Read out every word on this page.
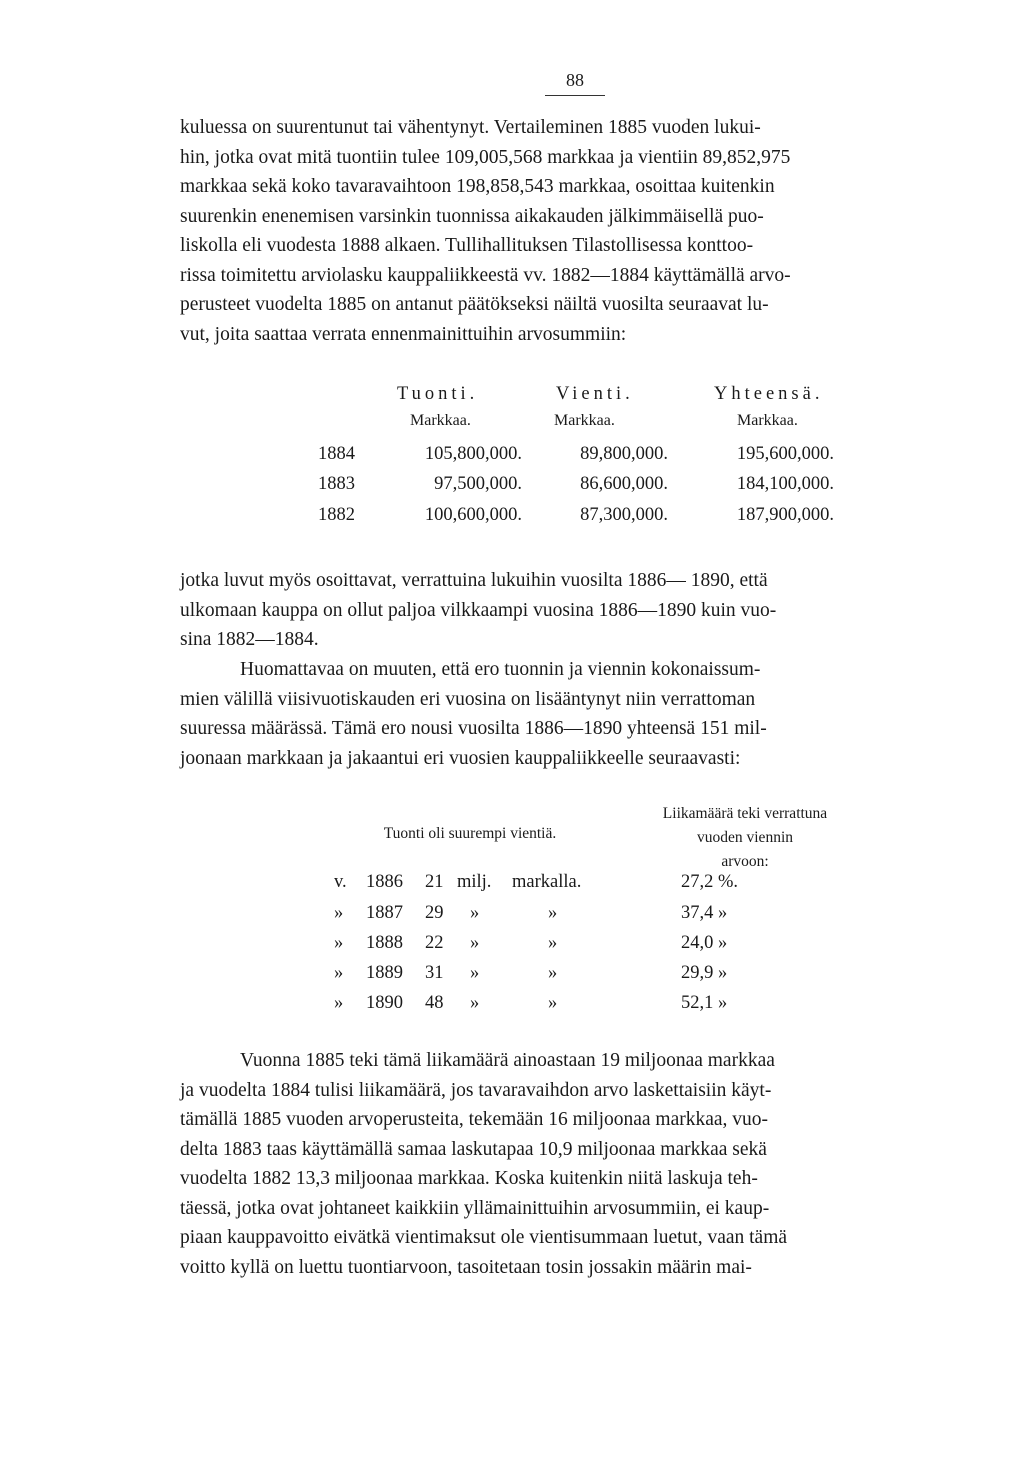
88
kuluessa on suurentunut tai vähentynyt. Vertaileminen 1885 vuoden lukui-
hin, jotka ovat mitä tuontiin tulee 109,005,568 markkaa ja vientiin 89,852,975
markkaa sekä koko tavaravaihtoon 198,858,543 markkaa, osoittaa kuitenkin
suurenkin enenemisen varsinkin tuonnissa aikakauden jälkimmäisellä puo-
liskolla eli vuodesta 1888 alkaen. Tullihallituksen Tilastollisessa konttoo-
rissa toimitettu arviolasku kauppaliikkeestä vv. 1882—1884 käyttämällä arvo-
perusteet vuodelta 1885 on antanut päätökseksi näiltä vuosilta seuraavat lu-
vut, joita saattaa verrata ennenmainittuihin arvosummiin:
Tuonti.	Vienti.	Yhteensä.
Markkaa.	Markkaa.	Markkaa.
1884	105,800,000.	89,800,000.	195,600,000.
1883	97,500,000.	86,600,000.	184,100,000.
1882	100,600,000.	87,300,000.	187,900,000.
jotka luvut myös osoittavat, verrattuina lukuihin vuosilta 1886— 1890, että
ulkomaan kauppa on ollut paljoa vilkkaampi vuosina 1886—1890 kuin vuo-
sina 1882—1884.
Huomattavaa on muuten, että ero tuonnin ja viennin kokonaissum-
mien välillä viisivuotiskauden eri vuosina on lisääntynyt niin verrattoman
suuressa määrässä. Tämä ero nousi vuosilta 1886—1890 yhteensä 151 mil-
joonaan markkaan ja jakaantui eri vuosien kauppaliikkeelle seuraavasti:
Tuonti oli suurempi vientiä.
Liikamäärä teki verrattuna
vuoden viennin
arvoon:
v. 1886 21 milj. markalla.	27,2 %.
» 1887 29 »	»	37,4 »
» 1888 22 »	»	24,0 »
» 1889 31 »	»	29,9 »
» 1890 48 »	»	52,1 »
Vuonna 1885 teki tämä liikamäärä ainoastaan 19 miljoonaa markkaa
ja vuodelta 1884 tulisi liikamäärä, jos tavaravaihdon arvo laskettaisiin käyt-
tämällä 1885 vuoden arvoperusteita, tekemään 16 miljoonaa markkaa, vuo-
delta 1883 taas käyttämällä samaa laskutapaa 10,9 miljoonaa markkaa sekä
vuodelta 1882 13,3 miljoonaa markkaa. Koska kuitenkin niitä laskuja teh-
täessä, jotka ovat johtaneet kaikkiin yllämainittuihin arvosummiin, ei kaup-
piaan kauppavoitto eivätkä vientimaksut ole vientisummaan luetut, vaan tämä
voitto kyllä on luettu tuontiarvoon, tasoitetaan tosin jossakin määrin mai-
